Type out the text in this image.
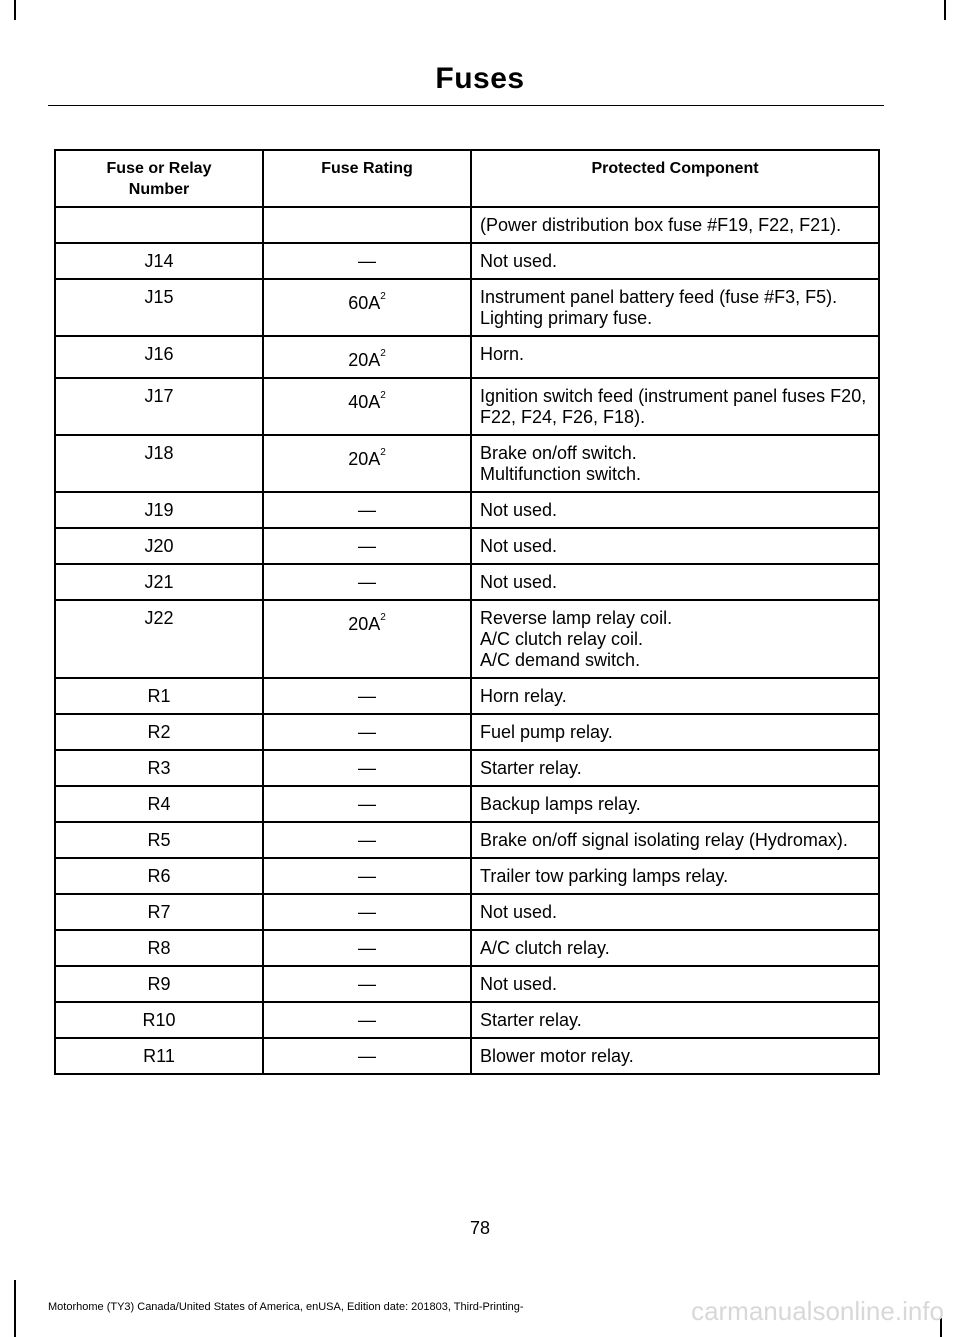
Fuses
Fuse or Relay Number	Fuse Rating	Protected Component

		(Power distribution box fuse #F19, F22, F21).

J14	—	Not used.

J15	$60A^2$	Instrument panel battery feed (fuse #F3, F5).
Lighting primary fuse.

J16	$20A^2$	Horn.

J17	$40A^2$	Ignition switch feed (instrument panel fuses F20, F22, F24, F26, F18).

J18	$20A^2$	Brake on/off switch.
Multifunction switch.

J19	—	Not used.

J20	—	Not used.

J21	—	Not used.

J22	$20A^2$	Reverse lamp relay coil.
A/C clutch relay coil.
A/C demand switch.

R1	—	Horn relay.

R2	—	Fuel pump relay.

R3	—	Starter relay.

R4	—	Backup lamps relay.

R5	—	Brake on/off signal isolating relay (Hydromax).

R6	—	Trailer tow parking lamps relay.

R7	—	Not used.

R8	—	A/C clutch relay.

R9	—	Not used.

R10	—	Starter relay.

R11	—	Blower motor relay.
78
Motorhome (TY3) Canada/United States of America, enUSA, Edition date: 201803, Third-Printing-	carmanualsonline.info
